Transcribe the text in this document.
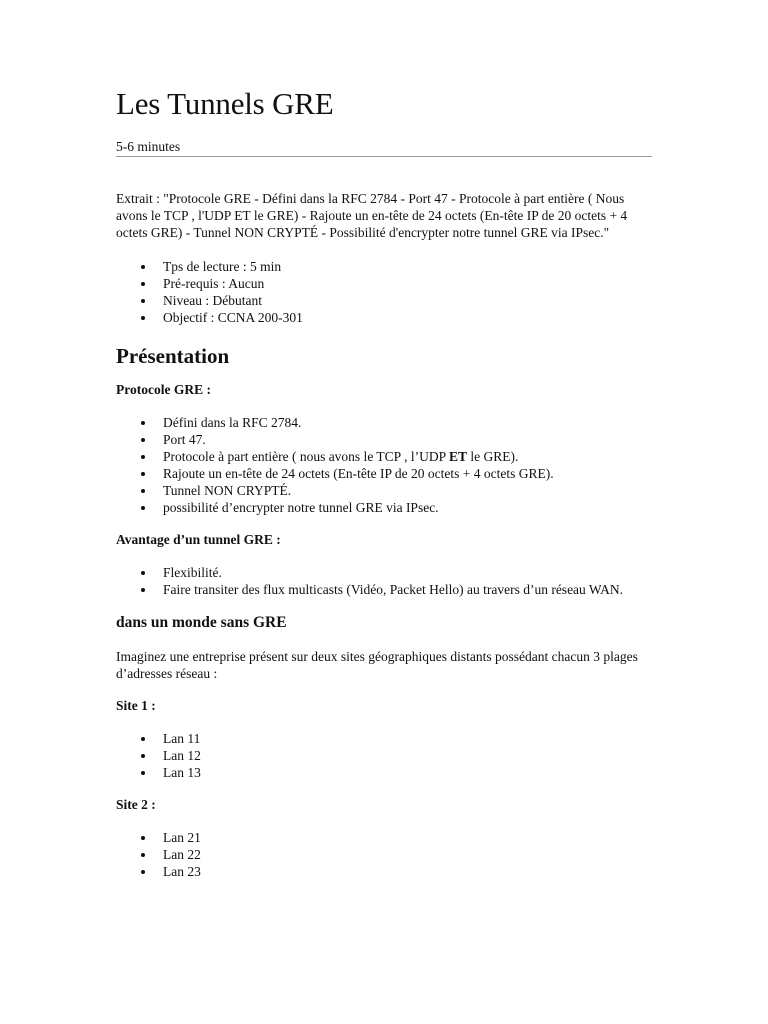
Les Tunnels GRE
5-6 minutes

Extrait : "Protocole GRE - Défini dans la RFC 2784 - Port 47 - Protocole à part entière ( Nous avons le TCP , l'UDP ET le GRE) - Rajoute un en-tête de 24 octets (En-tête IP de 20 octets + 4 octets GRE) - Tunnel NON CRYPTÉ - Possibilité d'encrypter notre tunnel GRE via IPsec."

Tps de lecture : 5 min
Pré-requis : Aucun
Niveau : Débutant
Objectif : CCNA 200-301
Présentation

Protocole GRE :

Défini dans la RFC 2784.
Port 47.
Protocole à part entière ( nous avons le TCP , l’UDP ET le GRE).
Rajoute un en-tête de 24 octets (En-tête IP de 20 octets + 4 octets GRE).
Tunnel NON CRYPTÉ.
possibilité d’encrypter notre tunnel GRE via IPsec.

Avantage d’un tunnel GRE :

Flexibilité.
Faire transiter des flux multicasts (Vidéo, Packet Hello) au travers d’un réseau WAN.
dans un monde sans GRE

Imaginez une entreprise présent sur deux sites géographiques distants possédant chacun 3 plages d’adresses réseau :

Site 1 :

Lan 11
Lan 12
Lan 13

Site 2 :

Lan 21
Lan 22
Lan 23
